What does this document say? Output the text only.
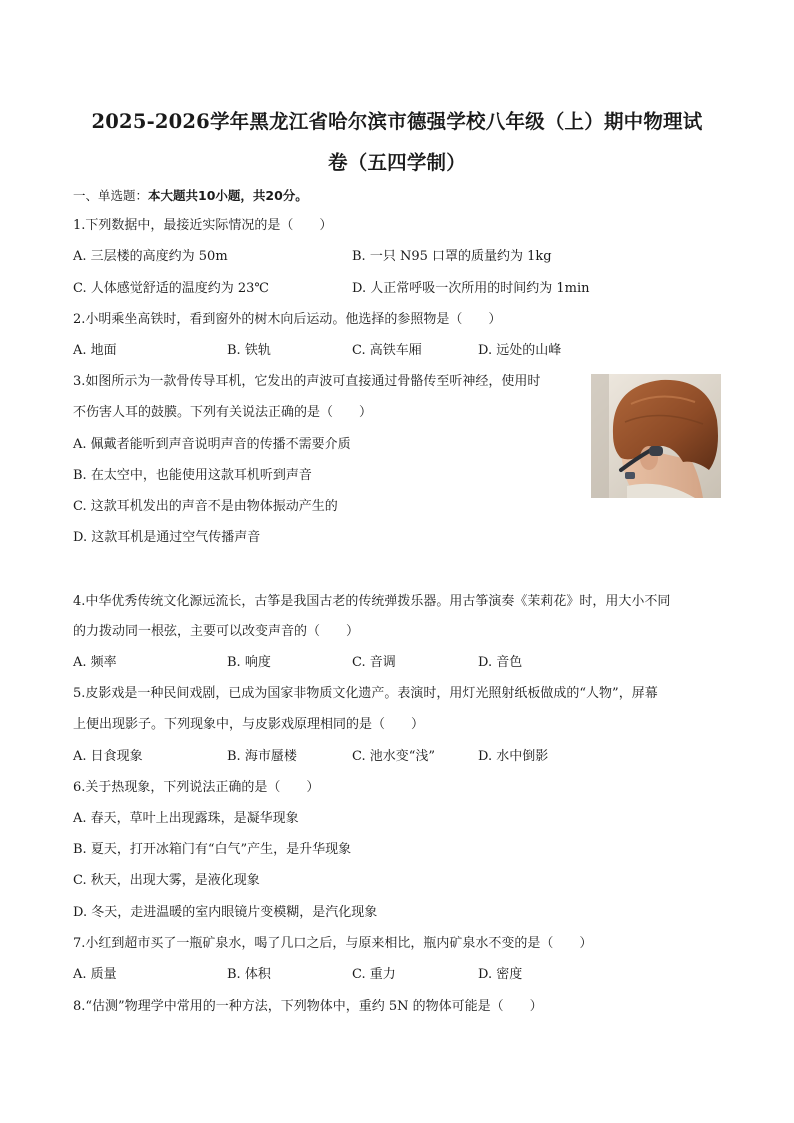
2025-2026学年黑龙江省哈尔滨市德强学校八年级（上）期中物理试
卷（五四学制）
一、单选题：本大题共10小题，共20分。
1.下列数据中，最接近实际情况的是（　　）
A. 三层楼的高度约为 50m	B. 一只 N95 口罩的质量约为 1kg
C. 人体感觉舒适的温度约为 23℃	D. 人正常呼吸一次所用的时间约为 1min
2.小明乘坐高铁时，看到窗外的树木向后运动。他选择的参照物是（　　）
A. 地面	B. 铁轨	C. 高铁车厢	D. 远处的山峰
3.如图所示为一款骨传导耳机，它发出的声波可直接通过骨骼传至听神经，使用时
不伤害人耳的鼓膜。下列有关说法正确的是（　　）
A. 佩戴者能听到声音说明声音的传播不需要介质
B. 在太空中，也能使用这款耳机听到声音
C. 这款耳机发出的声音不是由物体振动产生的
D. 这款耳机是通过空气传播声音
4.中华优秀传统文化源远流长，古筝是我国古老的传统弹拨乐器。用古筝演奏《茉莉花》时，用大小不同
的力拨动同一根弦，主要可以改变声音的（　　）
A. 频率	B. 响度	C. 音调	D. 音色
5.皮影戏是一种民间戏剧，已成为国家非物质文化遗产。表演时，用灯光照射纸板做成的“人物”，屏幕
上便出现影子。下列现象中，与皮影戏原理相同的是（　　）
A. 日食现象	B. 海市蜃楼	C. 池水变“浅”	D. 水中倒影
6.关于热现象，下列说法正确的是（　　）
A. 春天，草叶上出现露珠，是凝华现象
B. 夏天，打开冰箱门有“白气”产生，是升华现象
C. 秋天，出现大雾，是液化现象
D. 冬天，走进温暖的室内眼镜片变模糊，是汽化现象
7.小红到超市买了一瓶矿泉水，喝了几口之后，与原来相比，瓶内矿泉水不变的是（　　）
A. 质量	B. 体积	C. 重力	D. 密度
8.“估测”物理学中常用的一种方法，下列物体中，重约 5N 的物体可能是（　　）
